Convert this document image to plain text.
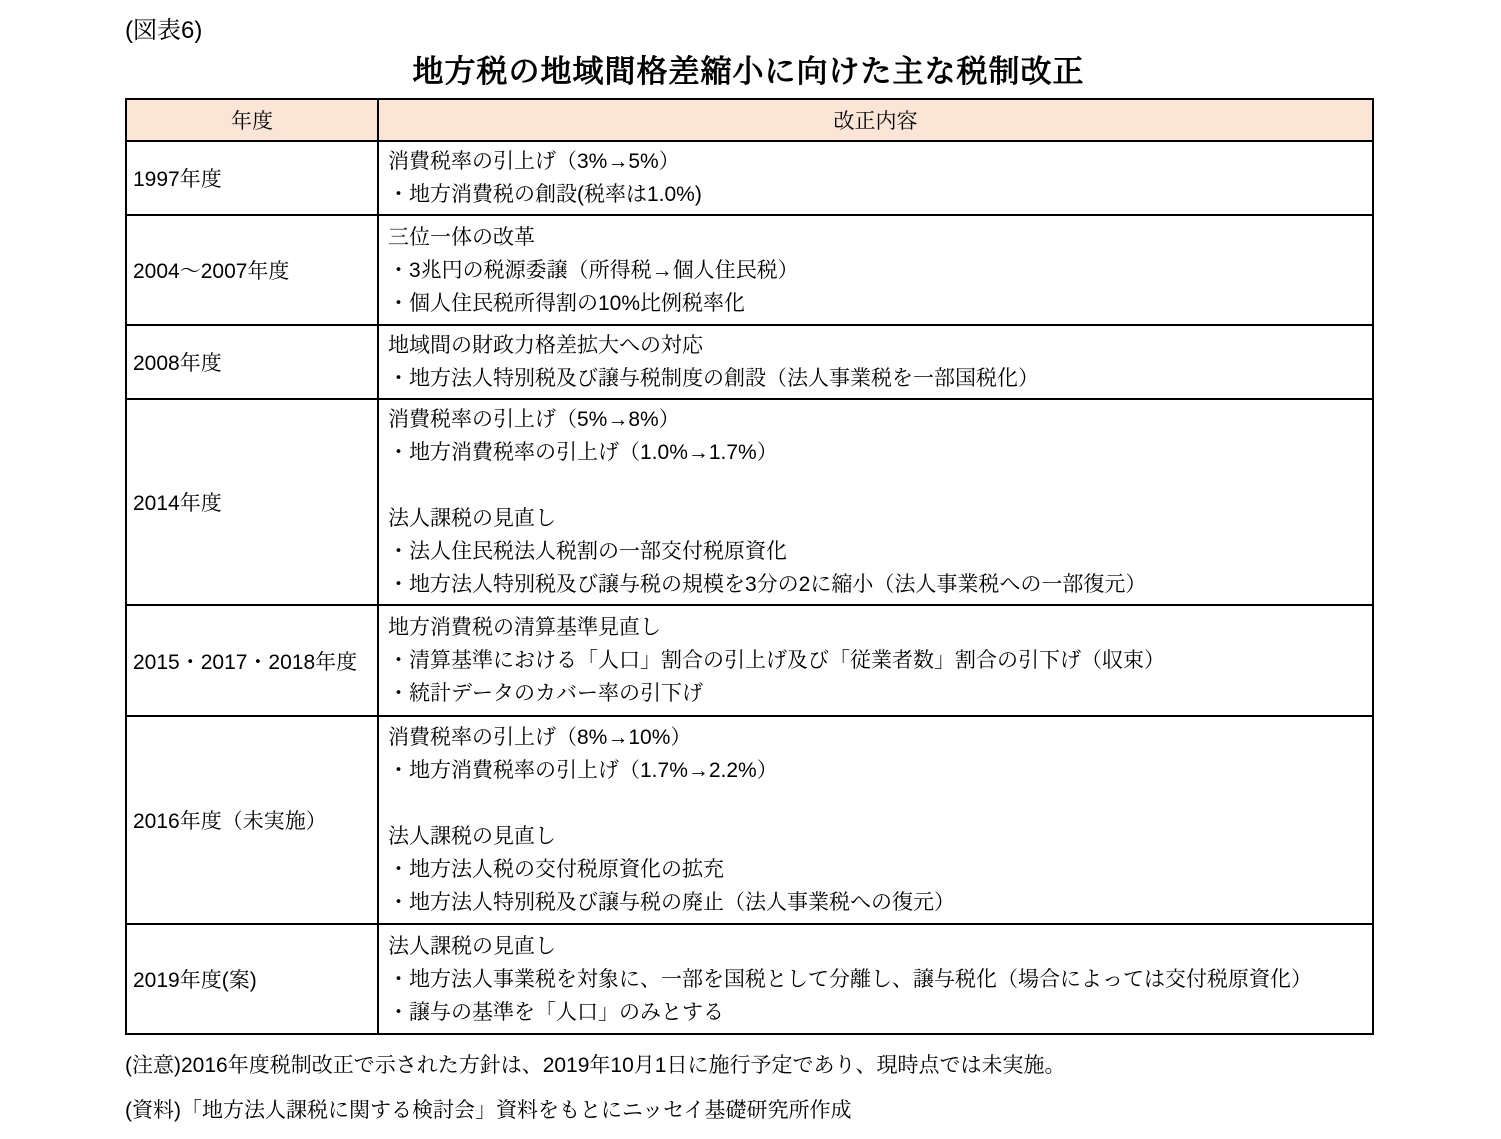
(図表6)
地方税の地域間格差縮小に向けた主な税制改正
年度	改正内容
1997年度	消費税率の引上げ（3%→5%）
・地方消費税の創設(税率は1.0%)

2004～2007年度	三位一体の改革
・3兆円の税源委譲（所得税→個人住民税）
・個人住民税所得割の10%比例税率化

2008年度	地域間の財政力格差拡大への対応
・地方法人特別税及び譲与税制度の創設（法人事業税を一部国税化）

2014年度	消費税率の引上げ（5%→8%）
・地方消費税率の引上げ（1.0%→1.7%）

法人課税の見直し
・法人住民税法人税割の一部交付税原資化
・地方法人特別税及び譲与税の規模を3分の2に縮小（法人事業税への一部復元）

2015・2017・2018年度	地方消費税の清算基準見直し
・清算基準における「人口」割合の引上げ及び「従業者数」割合の引下げ（収束）
・統計データのカバー率の引下げ

2016年度（未実施）	消費税率の引上げ（8%→10%）
・地方消費税率の引上げ（1.7%→2.2%）

法人課税の見直し
・地方法人税の交付税原資化の拡充
・地方法人特別税及び譲与税の廃止（法人事業税への復元）

2019年度(案)	法人課税の見直し
・地方法人事業税を対象に、一部を国税として分離し、譲与税化（場合によっては交付税原資化）
・譲与の基準を「人口」のみとする
(注意)2016年度税制改正で示された方針は、2019年10月1日に施行予定であり、現時点では未実施。
(資料)「地方法人課税に関する検討会」資料をもとにニッセイ基礎研究所作成
